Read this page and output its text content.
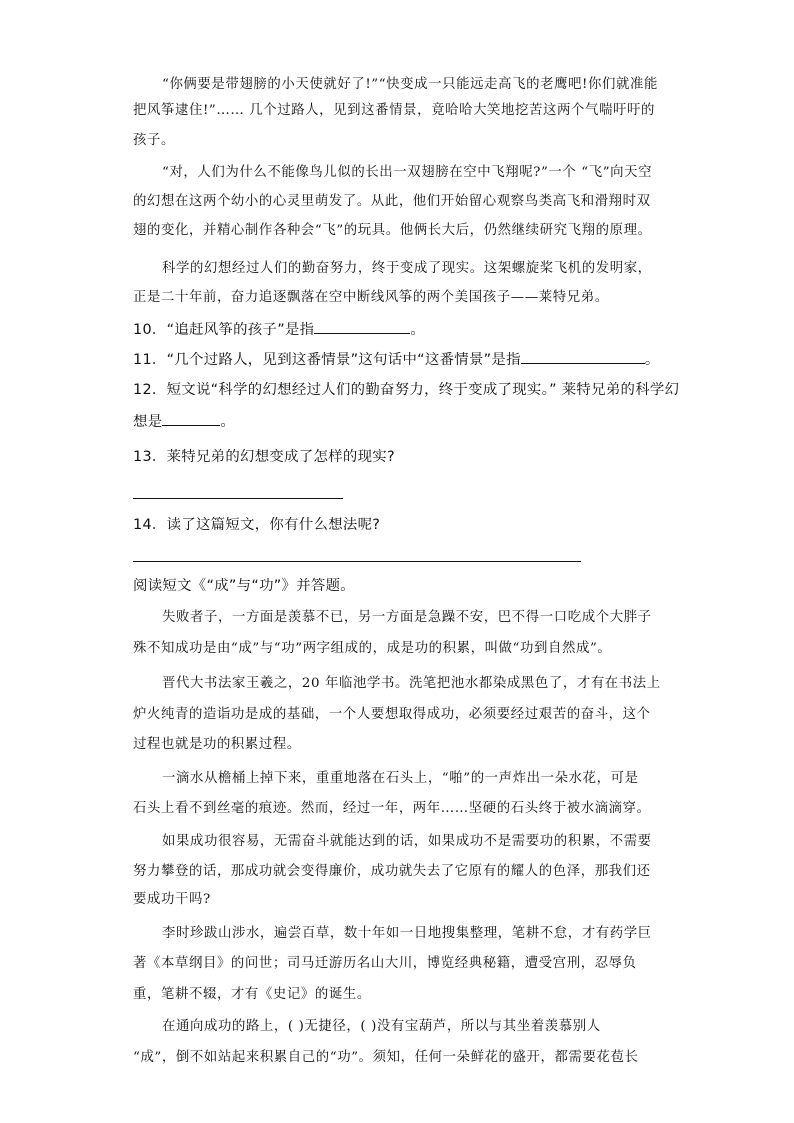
“你俩要是带翅膀的小天使就好了!”“快变成一只能远走高飞的老鹰吧!你们就准能
把风筝逮住!”…… 几个过路人，见到这番情景，竟哈哈大笑地挖苦这两个气喘吁吁的
孩子。
“对，人们为什么不能像鸟儿似的长出一双翅膀在空中飞翔呢?”一个 “飞”向天空
的幻想在这两个幼小的心灵里萌发了。从此，他们开始留心观察鸟类高飞和滑翔时双
翅的变化，并精心制作各种会“飞”的玩具。他俩长大后，仍然继续研究飞翔的原理。
科学的幻想经过人们的勤奋努力，终于变成了现实。这架螺旋桨飞机的发明家，
正是二十年前，奋力追逐飘落在空中断线风筝的两个美国孩子——莱特兄弟。
10．“追赶风筝的孩子”是指	。
11．“几个过路人，见到这番情景”这句话中“这番情景”是指	。
12．短文说“科学的幻想经过人们的勤奋努力，终于变成了现实。” 莱特兄弟的科学幻
想是	。
13．莱特兄弟的幻想变成了怎样的现实?
14．读了这篇短文，你有什么想法呢?
阅读短文《“成”与“功”》并答题。
失败者子，一方面是羡慕不已，另一方面是急躁不安，巴不得一口吃成个大胖子
殊不知成功是由“成”与“功”两字组成的，成是功的积累，叫做“功到自然成”。
晋代大书法家王羲之，20 年临池学书。洗笔把池水都染成黑色了，才有在书法上
炉火纯青的造诣功是成的基础，一个人要想取得成功，必须要经过艰苦的奋斗，这个
过程也就是功的积累过程。
一滴水从檐桶上掉下来，重重地落在石头上，“啪”的一声炸出一朵水花，可是
石头上看不到丝毫的痕迹。然而，经过一年，两年……坚硬的石头终于被水滴滴穿。
如果成功很容易，无需奋斗就能达到的话，如果成功不是需要功的积累，不需要
努力攀登的话，那成功就会变得廉价，成功就失去了它原有的耀人的色泽，那我们还
要成功干吗?
李时珍跋山涉水，遍尝百草，数十年如一日地搜集整理，笔耕不怠，才有药学巨
著《本草纲目》的问世；司马迁游历名山大川，博览经典秘籍，遭受宫刑，忍辱负
重，笔耕不辍，才有《史记》的诞生。
在通向成功的路上，( )无捷径，( )没有宝葫芦，所以与其坐着羡慕别人
“成”，倒不如站起来积累自己的“功”。须知，任何一朵鲜花的盛开，都需要花苞长
